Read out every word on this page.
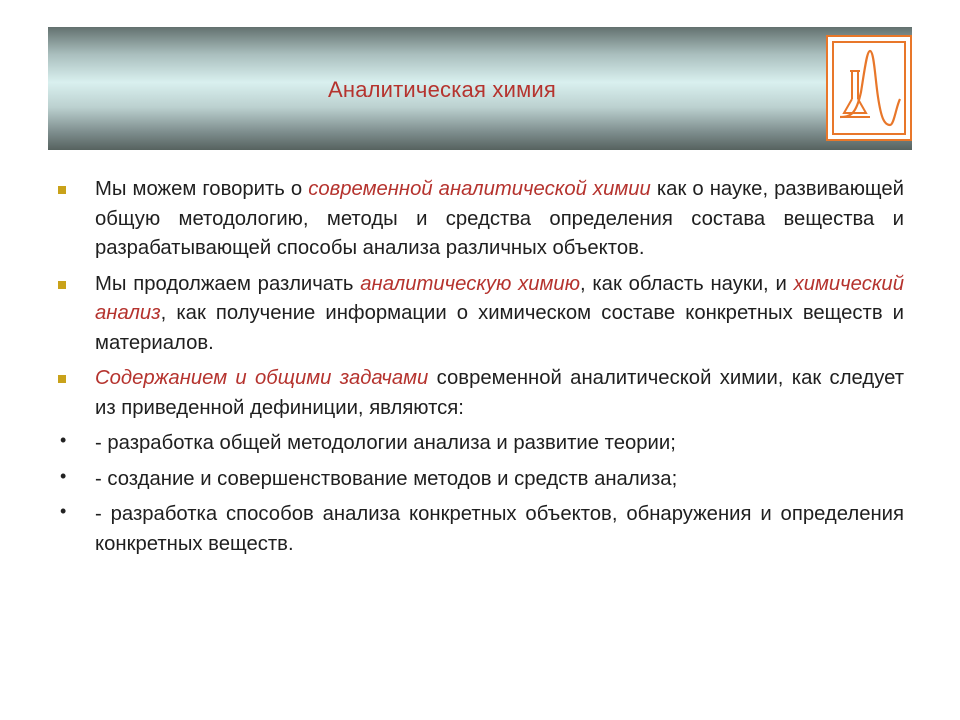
Аналитическая химия
Мы можем говорить о современной аналитической химии как о науке, развивающей общую методологию, методы и средства определения состава вещества и разрабатывающей способы анализа различных объектов.
Мы продолжаем различать аналитическую химию, как область науки, и химический анализ, как получение информации о химическом составе конкретных веществ и материалов.
Содержанием и общими задачами современной аналитической химии, как следует из приведенной дефиниции, являются:
• - разработка общей методологии анализа и развитие теории;
• - создание и совершенствование методов и средств анализа;
• - разработка способов анализа конкретных объектов, обнаружения и определения конкретных веществ.
